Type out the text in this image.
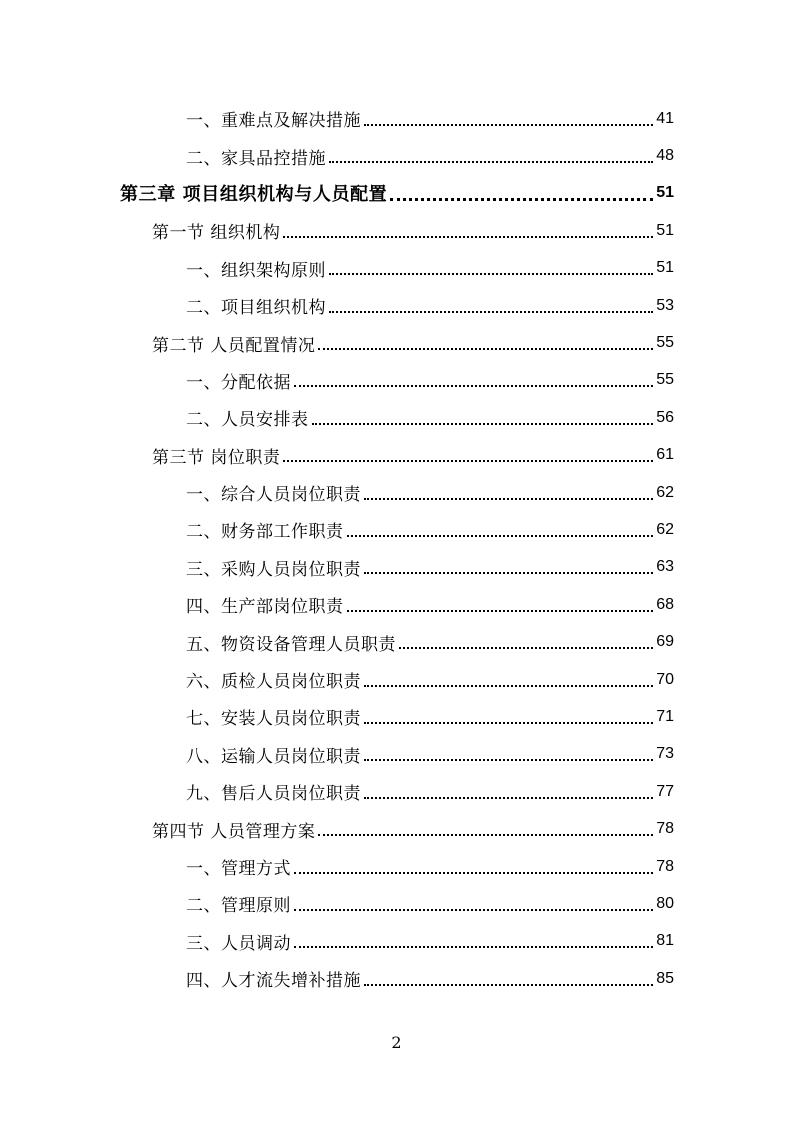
一、重难点及解决措施	41
二、家具品控措施	48
第三章 项目组织机构与人员配置	51
第一节 组织机构	51
一、组织架构原则	51
二、项目组织机构	53
第二节 人员配置情况	55
一、分配依据	55
二、人员安排表	56
第三节 岗位职责	61
一、综合人员岗位职责	62
二、财务部工作职责	62
三、采购人员岗位职责	63
四、生产部岗位职责	68
五、物资设备管理人员职责	69
六、质检人员岗位职责	70
七、安装人员岗位职责	71
八、运输人员岗位职责	73
九、售后人员岗位职责	77
第四节 人员管理方案	78
一、管理方式	78
二、管理原则	80
三、人员调动	81
四、人才流失增补措施	85
2
